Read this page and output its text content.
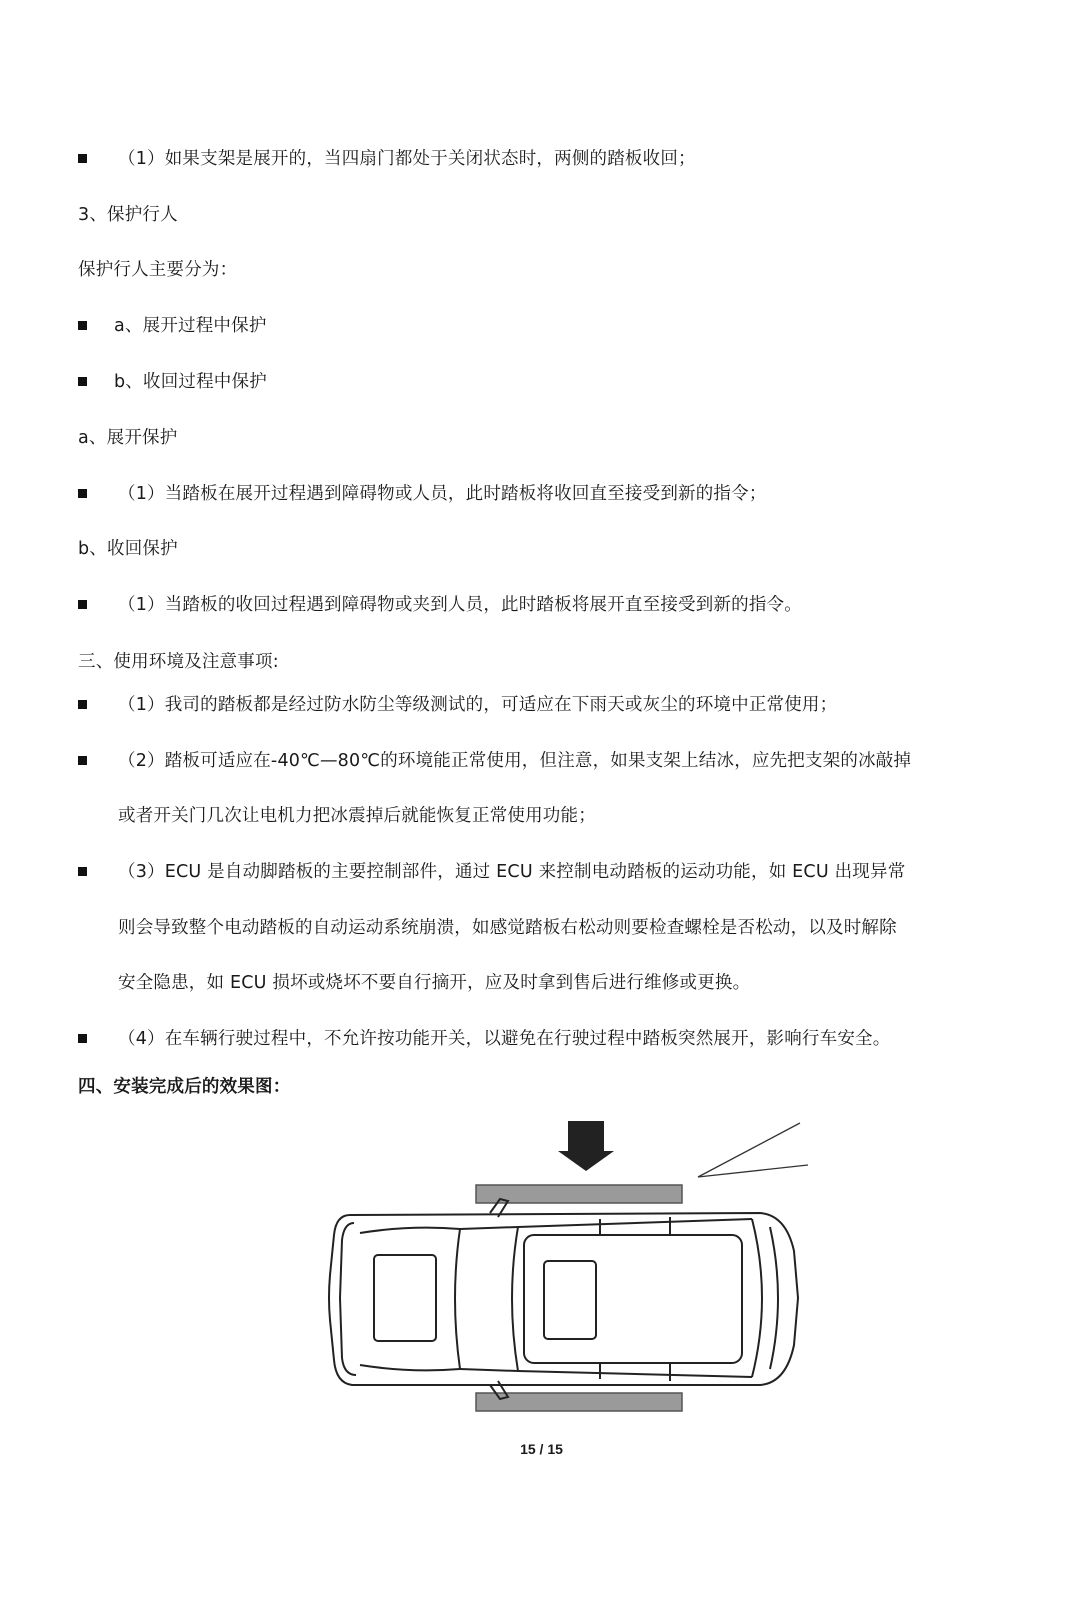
（1）如果支架是展开的，当四扇门都处于关闭状态时，两侧的踏板收回；
3、保护行人
保护行人主要分为：
a、展开过程中保护
b、收回过程中保护
a、展开保护
（1）当踏板在展开过程遇到障碍物或人员，此时踏板将收回直至接受到新的指令；
b、收回保护
（1）当踏板的收回过程遇到障碍物或夹到人员，此时踏板将展开直至接受到新的指令。
三、使用环境及注意事项:
（1）我司的踏板都是经过防水防尘等级测试的，可适应在下雨天或灰尘的环境中正常使用；
（2）踏板可适应在-40℃—80℃的环境能正常使用，但注意，如果支架上结冰，应先把支架的冰敲掉
或者开关门几次让电机力把冰震掉后就能恢复正常使用功能；
（3）ECU 是自动脚踏板的主要控制部件，通过 ECU 来控制电动踏板的运动功能，如 ECU 出现异常
则会导致整个电动踏板的自动运动系统崩溃，如感觉踏板右松动则要检查螺栓是否松动，以及时解除
安全隐患，如 ECU 损坏或烧坏不要自行摘开，应及时拿到售后进行维修或更换。
（4）在车辆行驶过程中，不允许按功能开关，以避免在行驶过程中踏板突然展开，影响行车安全。
四、安装完成后的效果图：
15 / 15
